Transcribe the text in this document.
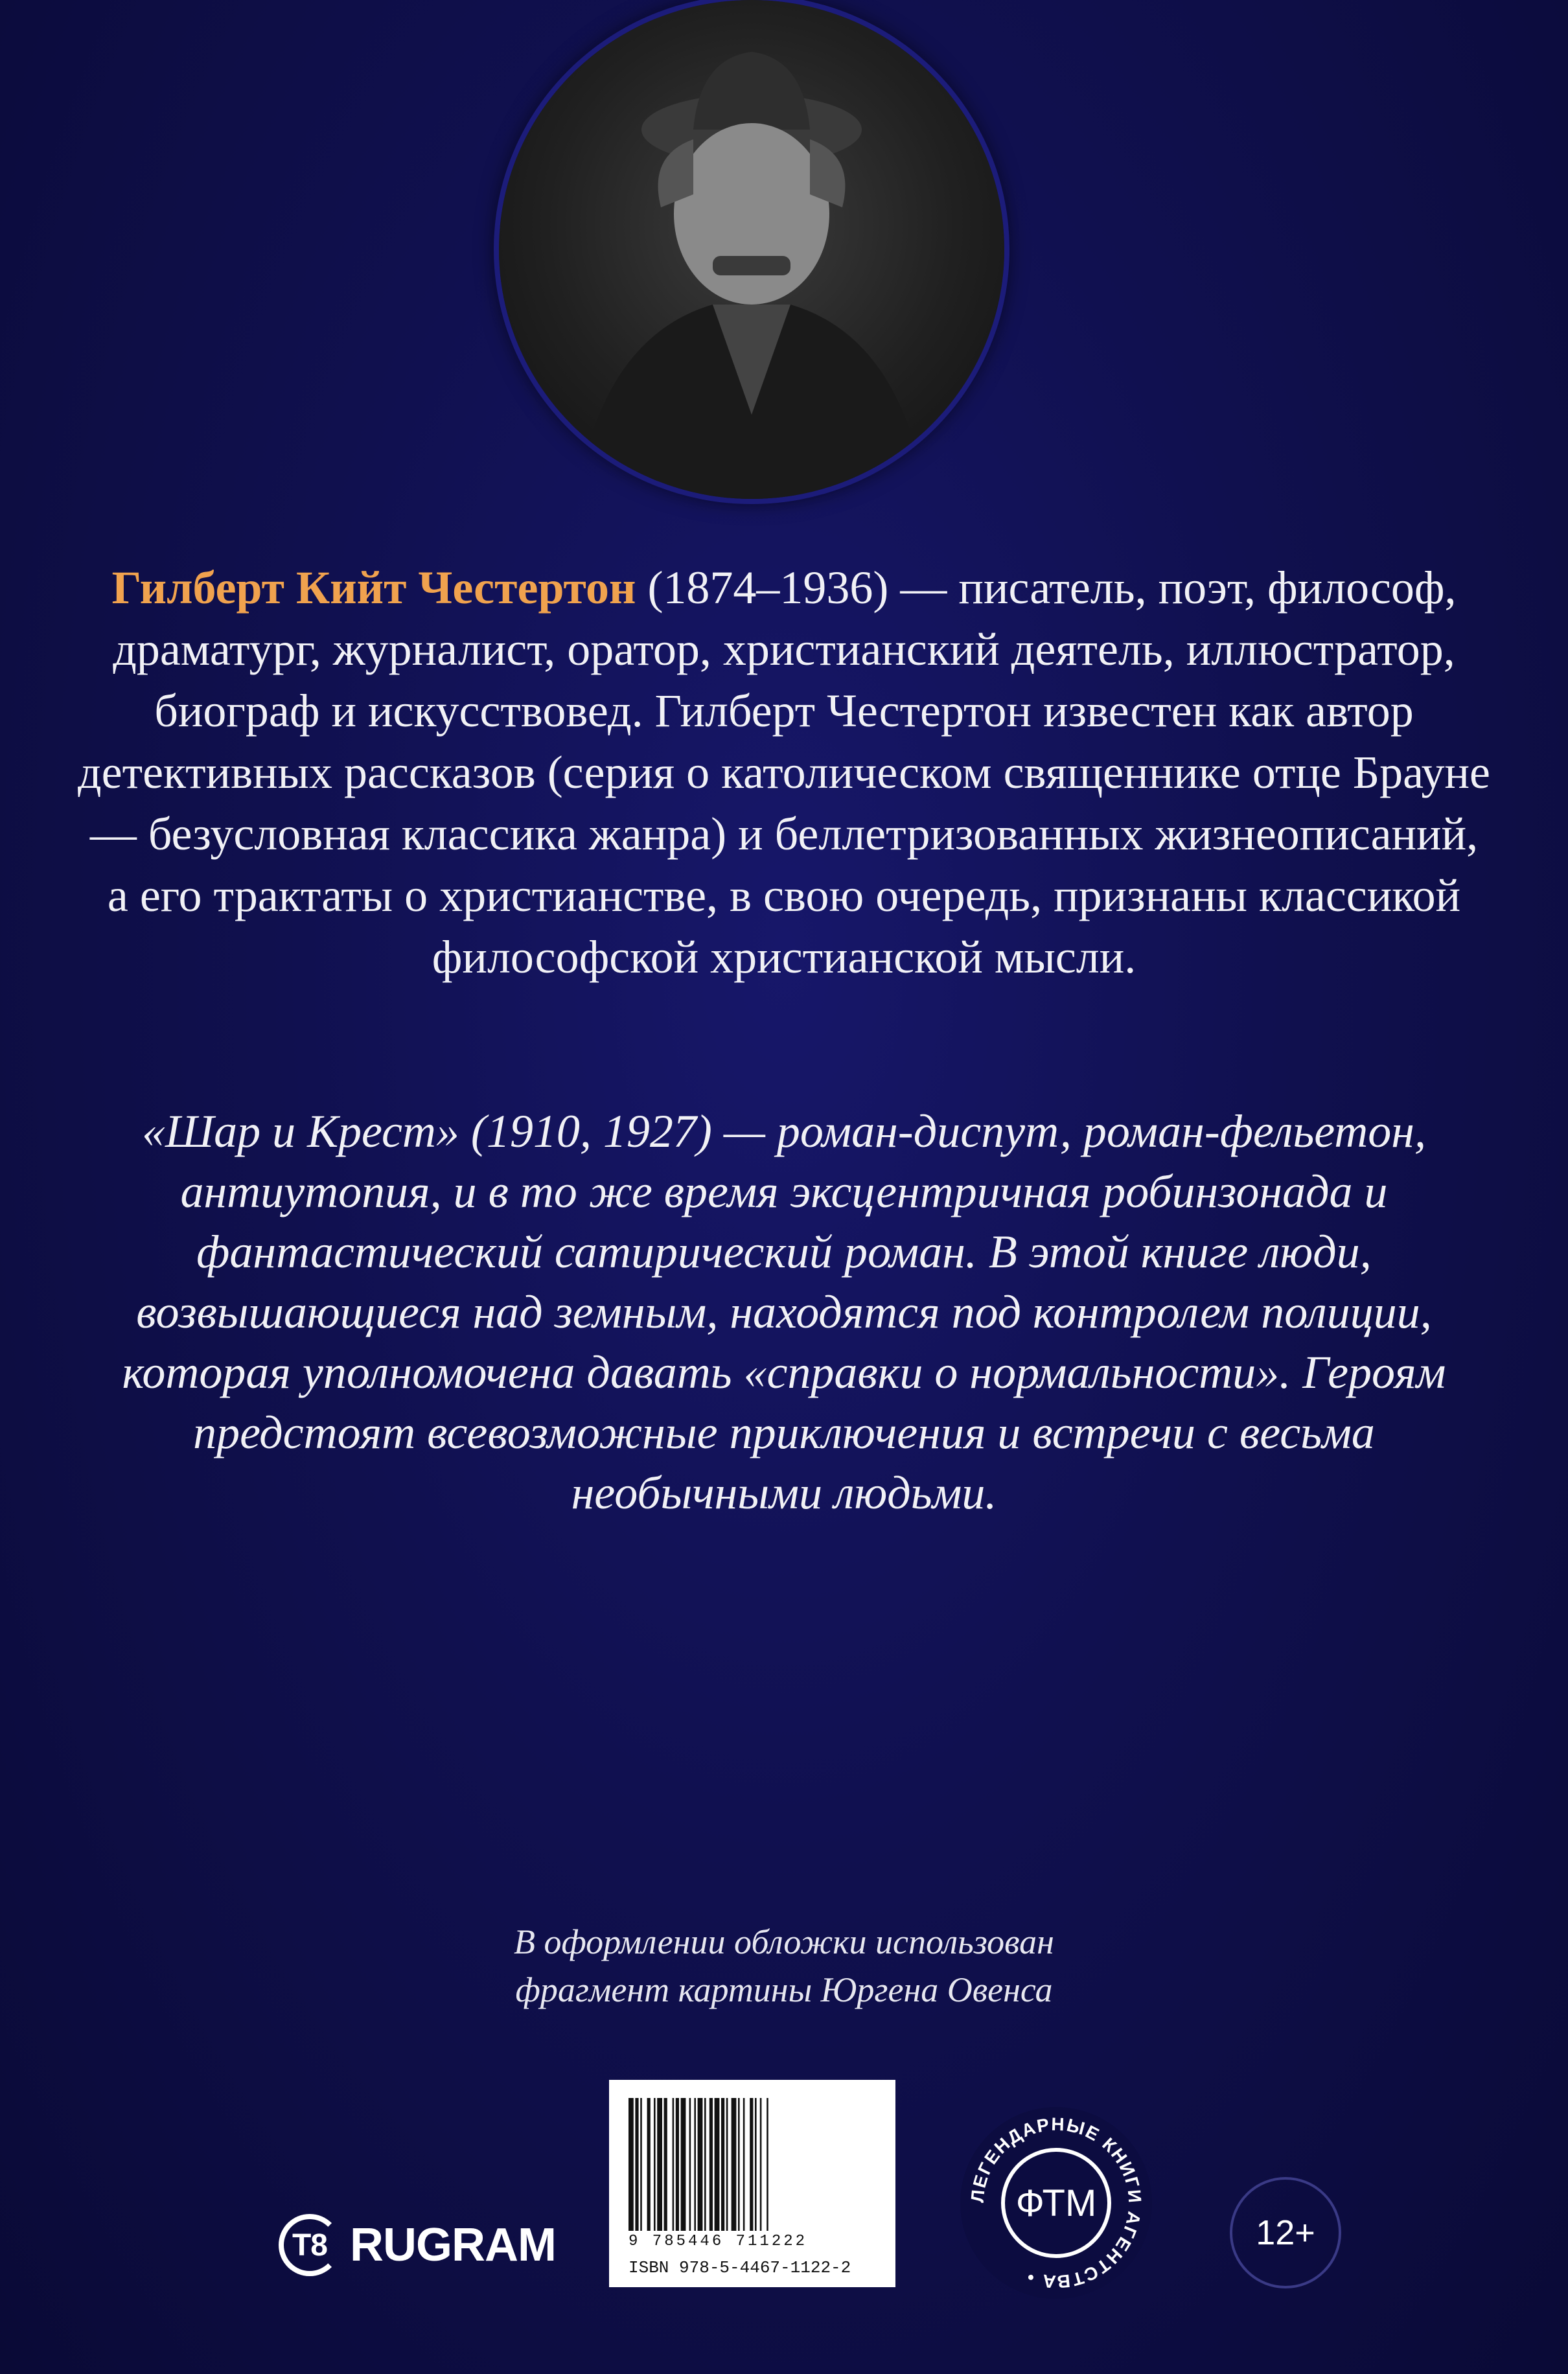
Гилберт Кийт Честертон (1874–1936) — писатель, поэт, философ, драматург, журналист, оратор, христианский деятель, иллюстратор, биограф и искусствовед. Гилберт Честертон известен как автор детективных рассказов (серия о католическом священнике отце Брауне — безусловная классика жанра) и беллетризованных жизнеописаний, а его трактаты о христианстве, в свою очередь, признаны классикой философской христианской мысли.
«Шар и Крест» (1910, 1927) — роман-диспут, роман-фельетон, антиутопия, и в то же время эксцентричная робинзонада и фантастический сатирический роман. В этой книге люди, возвышающиеся над земным, находятся под контролем полиции, которая уполномочена давать «справки о нормальности». Героям предстоят всевозможные приключения и встречи с весьма необычными людьми.
В оформлении обложки использован
фрагмент картины Юргена Овенса
9 785446 711222
ISBN 978-5-4467-1122-2
T8 RUGRAM
ЛЕГЕНДАРНЫЕ КНИГИ АГЕНТСТВА •
ФТМ
12+
